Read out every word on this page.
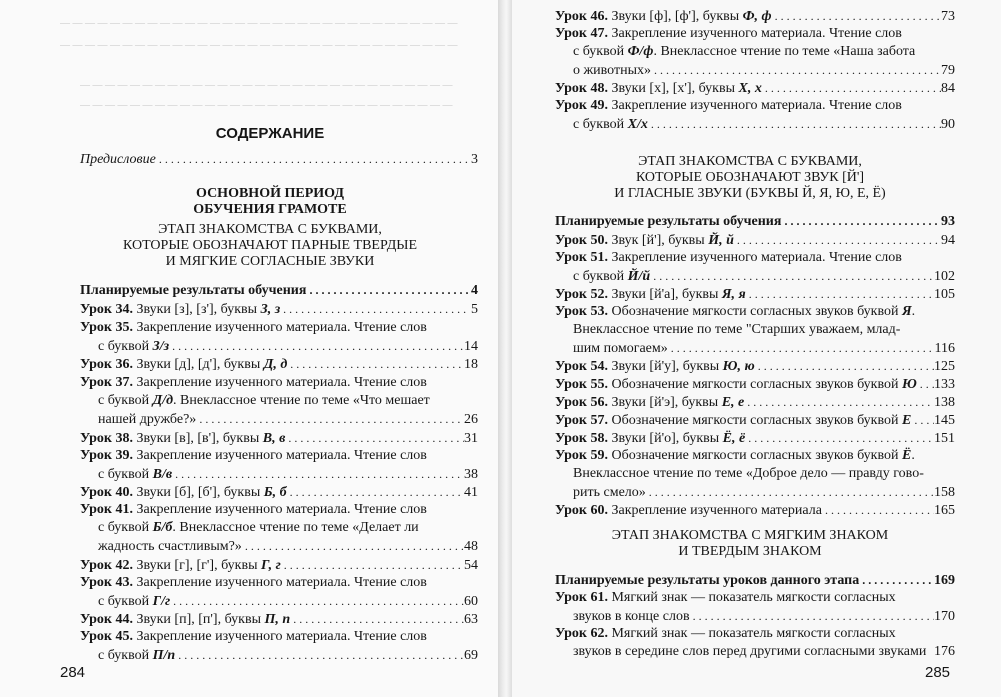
— — — — — — — — — — — — — — — — — — — — — — — — — — — — — — — —
— — — — — — — — — — — — — — — — — — — — — — — — — — — — — — — —
— — — — — — — — — — — — — — — — — — — — — — — — — — — — — —
— — — — — — — — — — — — — — — — — — — — — — — — — — — — — —
СОДЕРЖАНИЕ
Предисловие . . .	3
ОСНОВНОЙ ПЕРИОД
ОБУЧЕНИЯ ГРАМОТЕ
ЭТАП ЗНАКОМСТВА С БУКВАМИ,
КОТОРЫЕ ОБОЗНАЧАЮТ ПАРНЫЕ ТВЕРДЫЕ
И МЯГКИЕ СОГЛАСНЫЕ ЗВУКИ
Планируемые результаты обучения . . .	4
Урок 34. Звуки [з], [з'], буквы З, з . . .	5
Урок 35. Закрепление изученного материала. Чтение слов
с буквой З/з . . .	14
Урок 36. Звуки [д], [д'], буквы Д, д . . .	18
Урок 37. Закрепление изученного материала. Чтение слов
с буквой Д/д. Внеклассное чтение по теме «Что мешает
нашей дружбе?» . . .	26
Урок 38. Звуки [в], [в'], буквы В, в . . .	31
Урок 39. Закрепление изученного материала. Чтение слов
с буквой В/в . . .	38
Урок 40. Звуки [б], [б'], буквы Б, б . . .	41
Урок 41. Закрепление изученного материала. Чтение слов
с буквой Б/б. Внеклассное чтение по теме «Делает ли
жадность счастливым?» . . .	48
Урок 42. Звуки [г], [г'], буквы Г, г . . .	54
Урок 43. Закрепление изученного материала. Чтение слов
с буквой Г/г . . .	60
Урок 44. Звуки [п], [п'], буквы П, п . . .	63
Урок 45. Закрепление изученного материала. Чтение слов
с буквой П/п . . .	69
284
Урок 46. Звуки [ф], [ф'], буквы Ф, ф . . .	73
Урок 47. Закрепление изученного материала. Чтение слов
с буквой Ф/ф. Внеклассное чтение по теме «Наша забота
о животных» . . .	79
Урок 48. Звуки [х], [х'], буквы Х, х . . .	84
Урок 49. Закрепление изученного материала. Чтение слов
с буквой Х/х . . .	90
ЭТАП ЗНАКОМСТВА С БУКВАМИ,
КОТОРЫЕ ОБОЗНАЧАЮТ ЗВУК [Й']
И ГЛАСНЫЕ ЗВУКИ (БУКВЫ Й, Я, Ю, Е, Ё)
Планируемые результаты обучения . . .	93
Урок 50. Звук [й'], буквы Й, й . . .	94
Урок 51. Закрепление изученного материала. Чтение слов
с буквой Й/й . . .	102
Урок 52. Звуки [й'а], буквы Я, я . . .	105
Урок 53. Обозначение мягкости согласных звуков буквой Я.
Внеклассное чтение по теме "Старших уважаем, млад-
шим помогаем» . . .	116
Урок 54. Звуки [й'у], буквы Ю, ю . . .	125
Урок 55. Обозначение мягкости согласных звуков буквой Ю . . . 133
Урок 56. Звуки [й'э], буквы Е, е . . .	138
Урок 57. Обозначение мягкости согласных звуков буквой Е . . . 145
Урок 58. Звуки [й'о], буквы Ё, ё . . .	151
Урок 59. Обозначение мягкости согласных звуков буквой Ё.
Внеклассное чтение по теме «Доброе дело — правду гово-
рить смело» . . .	158
Урок 60. Закрепление изученного материала . . .	165
ЭТАП ЗНАКОМСТВА С МЯГКИМ ЗНАКОМ
И ТВЕРДЫМ ЗНАКОМ
Планируемые результаты уроков данного этапа . . .	169
Урок 61. Мягкий знак — показатель мягкости согласных
звуков в конце слов . . .	170
Урок 62. Мягкий знак — показатель мягкости согласных
звуков в середине слов перед другими согласными звуками 176
285
